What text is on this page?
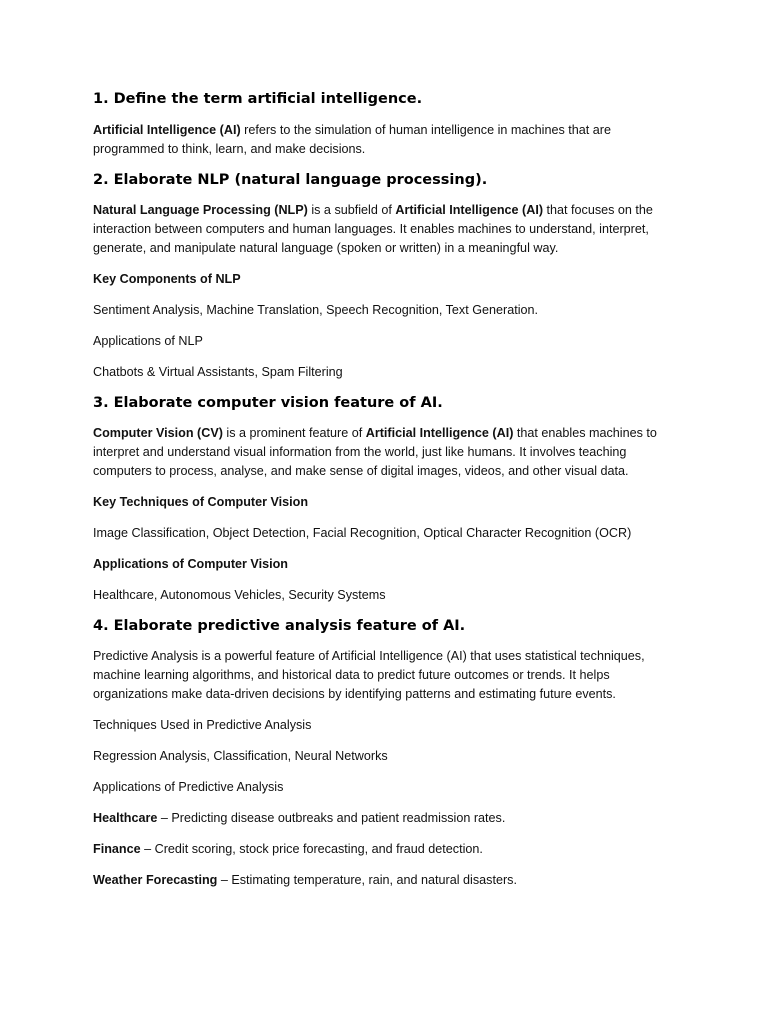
1. Define the term artificial intelligence.

Artificial Intelligence (AI) refers to the simulation of human intelligence in machines that are programmed to think, learn, and make decisions.

2. Elaborate NLP (natural language processing).

Natural Language Processing (NLP) is a subfield of Artificial Intelligence (AI) that focuses on the interaction between computers and human languages. It enables machines to understand, interpret, generate, and manipulate natural language (spoken or written) in a meaningful way.

Key Components of NLP

Sentiment Analysis, Machine Translation, Speech Recognition, Text Generation.

Applications of NLP

Chatbots & Virtual Assistants, Spam Filtering

3. Elaborate computer vision feature of AI.

Computer Vision (CV) is a prominent feature of Artificial Intelligence (AI) that enables machines to interpret and understand visual information from the world, just like humans. It involves teaching computers to process, analyse, and make sense of digital images, videos, and other visual data.

Key Techniques of Computer Vision

Image Classification, Object Detection, Facial Recognition, Optical Character Recognition (OCR)

Applications of Computer Vision

Healthcare, Autonomous Vehicles, Security Systems

4. Elaborate predictive analysis feature of AI.

Predictive Analysis is a powerful feature of Artificial Intelligence (AI) that uses statistical techniques, machine learning algorithms, and historical data to predict future outcomes or trends. It helps organizations make data-driven decisions by identifying patterns and estimating future events.

Techniques Used in Predictive Analysis

Regression Analysis, Classification, Neural Networks

Applications of Predictive Analysis

Healthcare – Predicting disease outbreaks and patient readmission rates.

Finance – Credit scoring, stock price forecasting, and fraud detection.

Weather Forecasting – Estimating temperature, rain, and natural disasters.
